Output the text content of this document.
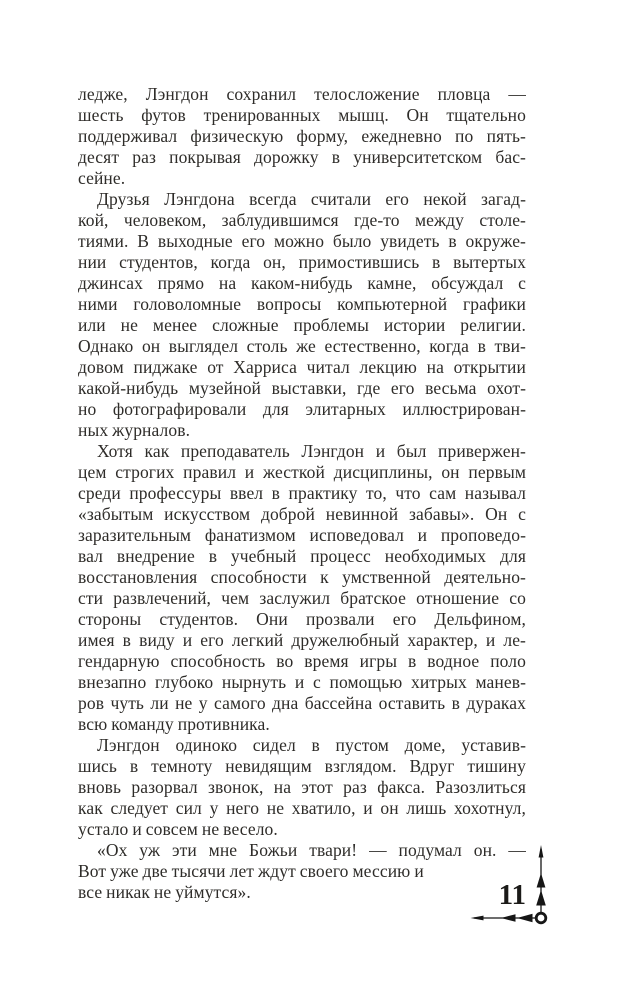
ледже, Лэнгдон сохранил телосложение пловца —
шесть футов тренированных мышц. Он тщательно
поддерживал физическую форму, ежедневно по пять-
десят раз покрывая дорожку в университетском бас-
сейне.
Друзья Лэнгдона всегда считали его некой загад-
кой, человеком, заблудившимся где-то между столе-
тиями. В выходные его можно было увидеть в окруже-
нии студентов, когда он, примостившись в вытертых
джинсах прямо на каком-нибудь камне, обсуждал с
ними головоломные вопросы компьютерной графики
или не менее сложные проблемы истории религии.
Однако он выглядел столь же естественно, когда в тви-
довом пиджаке от Харриса читал лекцию на открытии
какой-нибудь музейной выставки, где его весьма охот-
но фотографировали для элитарных иллюстрирован-
ных журналов.
Хотя как преподаватель Лэнгдон и был привержен-
цем строгих правил и жесткой дисциплины, он первым
среди профессуры ввел в практику то, что сам называл
«забытым искусством доброй невинной забавы». Он с
заразительным фанатизмом исповедовал и проповедо-
вал внедрение в учебный процесс необходимых для
восстановления способности к умственной деятельно-
сти развлечений, чем заслужил братское отношение со
стороны студентов. Они прозвали его Дельфином,
имея в виду и его легкий дружелюбный характер, и ле-
гендарную способность во время игры в водное поло
внезапно глубоко нырнуть и с помощью хитрых манев-
ров чуть ли не у самого дна бассейна оставить в дураках
всю команду противника.
Лэнгдон одиноко сидел в пустом доме, уставив-
шись в темноту невидящим взглядом. Вдруг тишину
вновь разорвал звонок, на этот раз факса. Разозлиться
как следует сил у него не хватило, и он лишь хохотнул,
устало и совсем не весело.
«Ох уж эти мне Божьи твари! — подумал он. —
Вот уже две тысячи лет ждут своего мессию и
все никак не уймутся».	11
